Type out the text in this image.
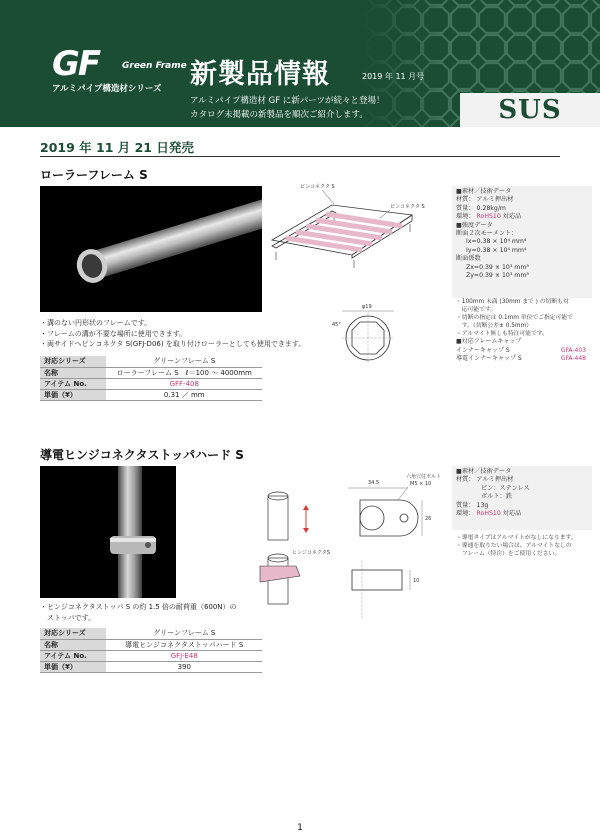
GF	Green Frame
アルミパイプ構造材シリーズ 新製品情報	2019 年 11 月号
アルミパイプ構造材 GF に新パーツが続々と登場！
カタログ未掲載の新製品を順次ご紹介します。	SUS
2019 年 11 月 21 日発売
ローラーフレーム S
・溝のない円形状のフレームです。
・フレームの溝が不要な場所に使用できます。
・両サイドへピンコネクタ S(GFJ-D06) を取り付けローラーとしても使用できます。
対応シリーズ	グリーンフレーム S
名称	ローラーフレーム S　ℓ＝100 ～ 4000mm
アイテム No.	GFF-408
単価（¥）	0.31 ／ mm
ピンコネクタ S
ピンコネクタ S
φ19
45°
■素材／技術データ
材質： アルミ押出材
質量： 0.28kg/m
環境： RoHS10 対応品
■強度データ
断面２次モーメント：
Ix=0.38 × 10⁴ mm⁴
Iy=0.38 × 10⁴ mm⁴
断面係数
Zx=0.39 × 10³ mm³
Zy=0.39 × 10³ mm³
・100mm 未満 (30mm まで ) の切断も対
　応可能です。
・切断の指定は 0.1mm 単位でご指定可能で
　す。（切断公差± 0.5mm）
・アルマイト無しも特注可能です。
■対応フレームキャップ
インナーキャップ S	GFA-403
導電インナーキャップ S	GFA-448
導電ヒンジコネクタストッパハード S
・ヒンジコネクタストッパ S の約 1.5 倍の耐荷重（600N）の
　ストッパです。
対応シリーズ	グリーンフレーム S
名称	導電ヒンジコネクタストッパハード S
アイテム No.	GFJ-E48
単価（¥）	390
ヒンジコネクタS
六角穴付ボルト
M5 × 10
34.5
26
10
■素材／技術データ
材質： アルミ押出材
ピン：ステンレス
ボルト：鉄
質量： 13g
環境： RoHS10 対応品
・導電タイプはアルマイトがなしになります。
・導通を取りたい場合は、アルマイトなしの
　フレーム（特注）をご使用ください。
1
